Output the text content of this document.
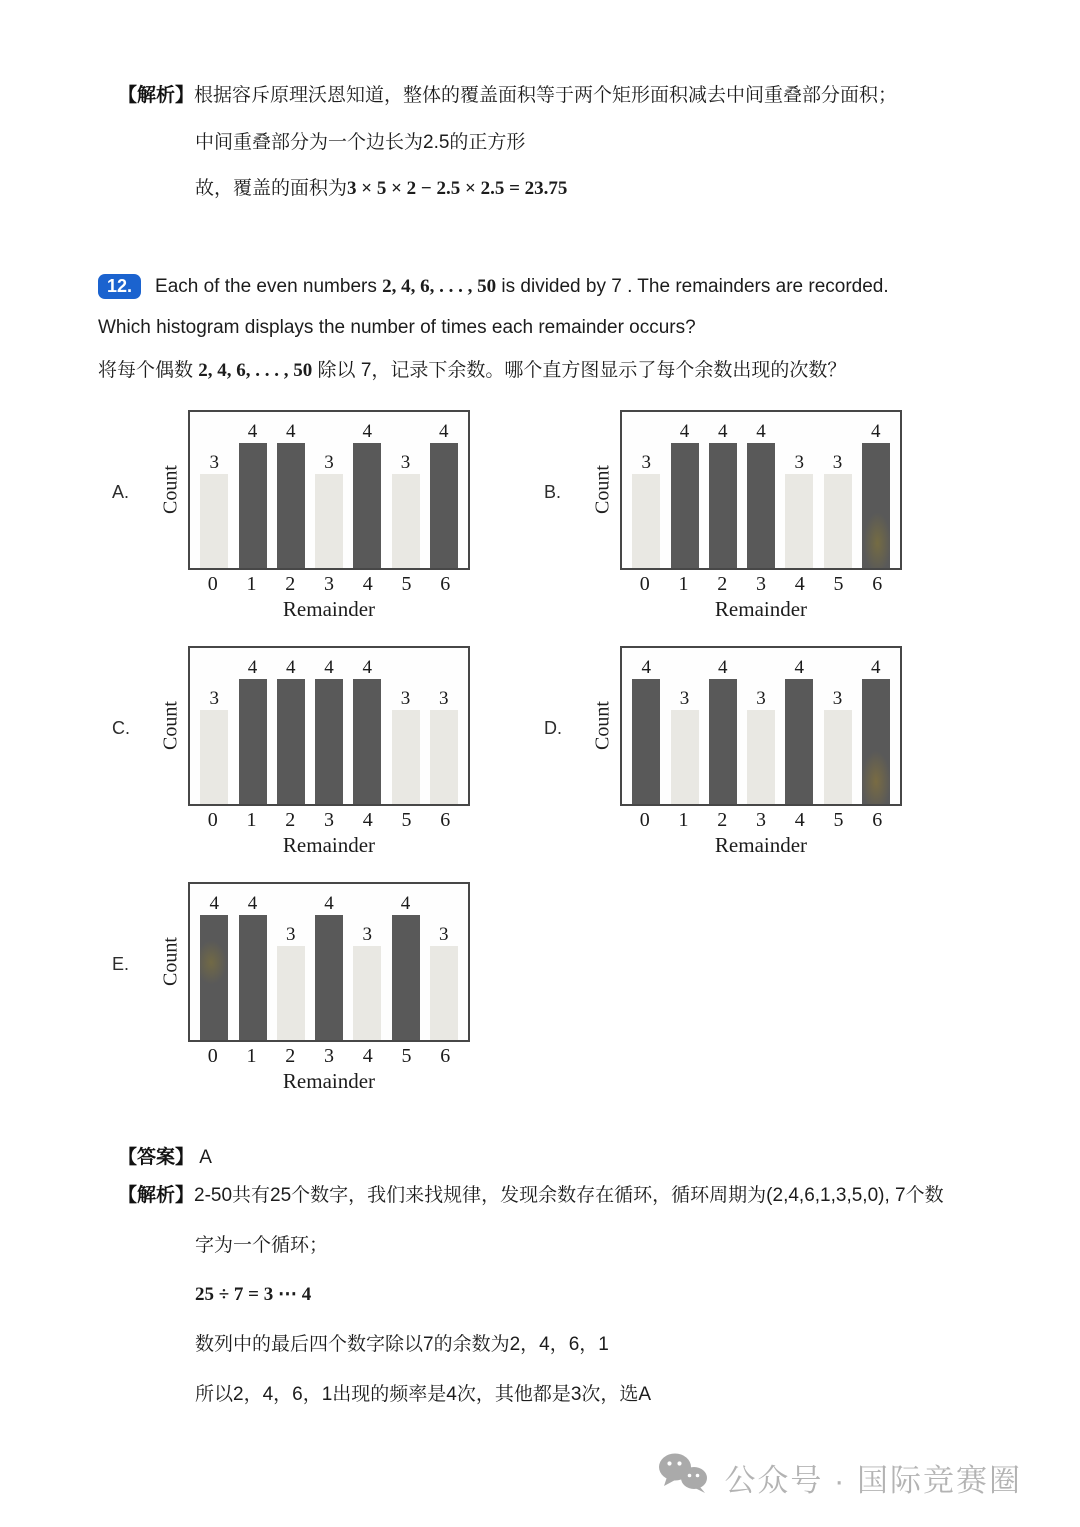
【解析】 根据容斥原理沃恩知道，整体的覆盖面积等于两个矩形面积减去中间重叠部分面积；
中间重叠部分为一个边长为2.5的正方形
故，覆盖的面积为 3 × 5 × 2 − 2.5 × 2.5 = 23.75
12.	Each of the even numbers 2, 4, 6, . . . , 50 is divided by 7 . The remainders are recorded.
Which histogram displays the number of times each remainder occurs?
将每个偶数 2, 4, 6, . . . , 50 除以 7，记录下余数。哪个直方图显示了每个余数出现的次数？
A.	Count
3
4 4
3
4
3
4
0	1	2	3	4	5	6
Remainder
B.	Count
3
4 4 4
3 3
4
0	1	2	3	4	5	6
Remainder
C.	Count
3
4 4 4 4
3 3
0	1	2	3	4	5	6
Remainder
D.	Count
4
3
4
3
4
3
4
0	1	2	3	4	5	6
Remainder
E.	Count
4 4
3
4
3
4
3
0	1	2	3	4	5	6
Remainder
【答案】 A
【解析】 2-50共有25个数字，我们来找规律，发现余数存在循环，循环周期为(2,4,6,1,3,5,0), 7个数
字为一个循环；
25 ÷ 7 = 3 ⋯ 4
数列中的最后四个数字除以7的余数为2，4，6，1
所以2，4，6，1出现的频率是4次，其他都是3次，选A
公众号 · 国际竞赛圈
